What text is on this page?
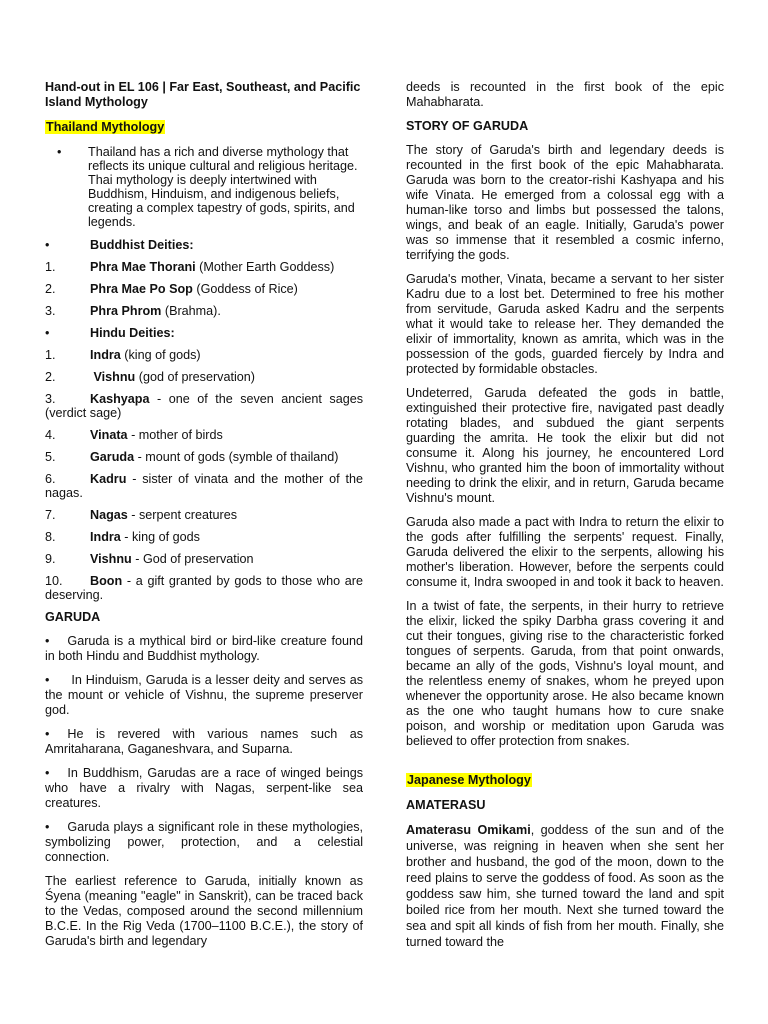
Hand-out in EL 106 | Far East, Southeast, and Pacific Island Mythology

Thailand Mythology

•	Thailand has a rich and diverse mythology that reflects its unique cultural and religious heritage. Thai mythology is deeply intertwined with Buddhism, Hinduism, and indigenous beliefs, creating a complex tapestry of gods, spirits, and legends.
•	Buddhist Deities:
1.	Phra Mae Thorani (Mother Earth Goddess)
2.	Phra Mae Po Sop (Goddess of Rice)
3.	Phra Phrom (Brahma).
•	Hindu Deities:
1.	Indra (king of gods)
2.	Vishnu (god of preservation)
3.	Kashyapa - one of the seven ancient sages (verdict sage)
4.	Vinata - mother of birds
5.	Garuda - mount of gods (symble of thailand)
6.	Kadru - sister of vinata and the mother of the nagas.
7.	Nagas - serpent creatures
8.	Indra - king of gods
9.	Vishnu - God of preservation
10. Boon - a gift granted by gods to those who are deserving.

GARUDA

• Garuda is a mythical bird or bird-like creature found in both Hindu and Buddhist mythology.

• In Hinduism, Garuda is a lesser deity and serves as the mount or vehicle of Vishnu, the supreme preserver god.

• He is revered with various names such as Amritaharana, Gaganeshvara, and Suparna.

• In Buddhism, Garudas are a race of winged beings who have a rivalry with Nagas, serpent-like sea creatures.

• Garuda plays a significant role in these mythologies, symbolizing power, protection, and a celestial connection.

The earliest reference to Garuda, initially known as Śyena (meaning "eagle" in Sanskrit), can be traced back to the Vedas, composed around the second millennium B.C.E. In the Rig Veda (1700–1100 B.C.E.), the story of Garuda's birth and legendary

deeds is recounted in the first book of the epic Mahabharata.

STORY OF GARUDA

The story of Garuda's birth and legendary deeds is recounted in the first book of the epic Mahabharata. Garuda was born to the creator-rishi Kashyapa and his wife Vinata. He emerged from a colossal egg with a human-like torso and limbs but possessed the talons, wings, and beak of an eagle. Initially, Garuda's power was so immense that it resembled a cosmic inferno, terrifying the gods.

Garuda's mother, Vinata, became a servant to her sister Kadru due to a lost bet. Determined to free his mother from servitude, Garuda asked Kadru and the serpents what it would take to release her. They demanded the elixir of immortality, known as amrita, which was in the possession of the gods, guarded fiercely by Indra and protected by formidable obstacles.

Undeterred, Garuda defeated the gods in battle, extinguished their protective fire, navigated past deadly rotating blades, and subdued the giant serpents guarding the amrita. He took the elixir but did not consume it. Along his journey, he encountered Lord Vishnu, who granted him the boon of immortality without needing to drink the elixir, and in return, Garuda became Vishnu's mount.

Garuda also made a pact with Indra to return the elixir to the gods after fulfilling the serpents' request. Finally, Garuda delivered the elixir to the serpents, allowing his mother's liberation. However, before the serpents could consume it, Indra swooped in and took it back to heaven.

In a twist of fate, the serpents, in their hurry to retrieve the elixir, licked the spiky Darbha grass covering it and cut their tongues, giving rise to the characteristic forked tongues of serpents. Garuda, from that point onwards, became an ally of the gods, Vishnu's loyal mount, and the relentless enemy of snakes, whom he preyed upon whenever the opportunity arose. He also became known as the one who taught humans how to cure snake poison, and worship or meditation upon Garuda was believed to offer protection from snakes.

Japanese Mythology

AMATERASU

Amaterasu Omikami, goddess of the sun and of the universe, was reigning in heaven when she sent her brother and husband, the god of the moon, down to the reed plains to serve the goddess of food. As soon as the goddess saw him, she turned toward the land and spit boiled rice from her mouth. Next she turned toward the sea and spit all kinds of fish from her mouth. Finally, she turned toward the
